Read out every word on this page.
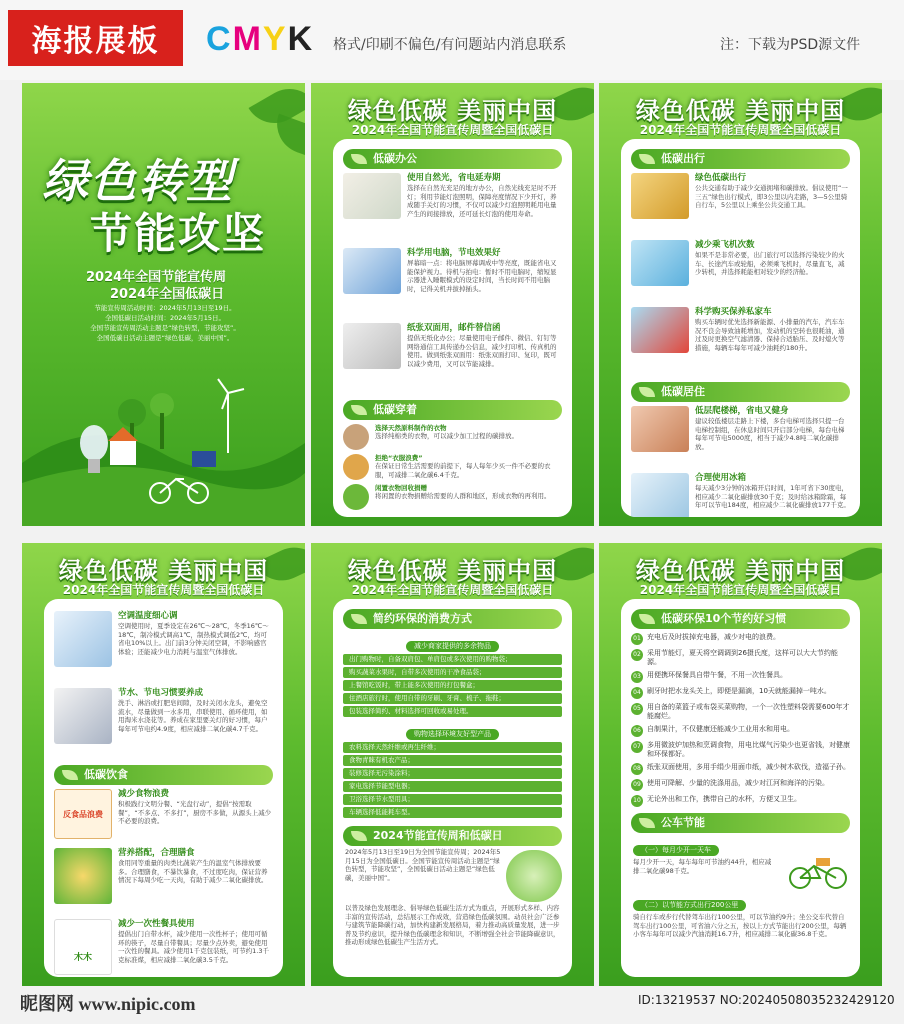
海报展板	CMYK 格式/印刷不偏色/有问题站内消息联系	注：下载为PSD源文件
绿色转型
节能攻坚
2024年全国节能宣传周
2024年全国低碳日
节能宣传周活动时间：2024年5月13日至19日。
全国低碳日活动时间：2024年5月15日。
全国节能宣传周活动主题是“绿色转型，节能攻坚”。
全国低碳日活动主题是“绿色低碳，美丽中国”。
绿色低碳 美丽中国
2024年全国节能宣传周暨全国低碳日
低碳办公
使用自然光，省电延寿期
选择在自然光充足的地方办公，自然光线充足时不开灯；利用节能灯泡照明，保障亮度情况下少开灯，养成随手关灯的习惯，不仅可以减少灯泡照明耗用电量产生的间接排放，还可延长灯泡的使用寿命。
科学用电脑，节电效果好
屏幕暗一点：将电脑屏幕调成中等亮度，既能省电又能保护视力。待机与拍电：暂时不用电脑时，缩短显示器进入睡眠模式的设定时间，当长时间不用电脑时，记得关机并拔掉插头。
纸张双面用，邮件替信函
提倡无纸化办公；尽量使用电子邮件、微信、钉钉等网络通信工具传递办公信息，减少打印机、传真机的使用。做到纸张双面用：纸张双面打印、复印，既可以减少费用，又可以节能减排。
低碳穿着
选择天然原料制作的衣物
选择纯棉类的衣物，可以减少加工过程的碳排放。
拒绝“衣服浪费”
在保证日常生活需要的前提下，每人每年少买一件不必要的衣服，可减排二氧化碳6.4千克。
闲置衣物回收捐赠
将闲置的衣物捐赠给需要的人群和地区，形成衣物的再利用。
绿色低碳 美丽中国
2024年全国节能宣传周暨全国低碳日
低碳出行
绿色低碳出行
公共交通有助于减少交通拥堵和碳排放。倡议使用“一三五”绿色出行模式，即3公里以内走路，3—5公里骑自行车，5公里以上乘坐公共交通工具。
减少乘飞机次数
如果不是非常必要，出门旅行可以选择污染较少的火车、长途汽车或轮船，必须乘飞机时，尽量直飞，减少转机，并选择耗能相对较少的经济舱。
科学购买保养私家车
购买车辆时优先选择新能源、小排量的汽车，汽车车况不良会导致油耗增加，发动机的空转也很耗油，通过及时更换空气滤清器、保持合适胎压、及时熄火等措施，每辆车每年可减少油耗约180升。
低碳居住
低层爬楼梯，省电又健身
建议较低楼层走路上下楼，多台电梯可选择只提一台电梯控制组，在休息时间只开启部分电梯，每台电梯每年可节电5000度，相当于减少4.8吨二氧化碳排放。
合理使用冰箱
每天减少3分钟的冰箱开启时间，1年可省下30度电，相应减少二氧化碳排放30千克；及时给冰箱除霜，每年可以节电184度，相应减少二氧化碳排放177千克。
绿色低碳 美丽中国
2024年全国节能宣传周暨全国低碳日
空调温度细心调
空调使用时，夏季设定在26℃～28℃，冬季16℃～18℃，制冷模式调高1℃，制热模式调低2℃，均可省电10%以上。出门前3分钟关闭空调，不影响感官体验；还能减少电力消耗与温室气体排放。
节水、节电习惯要养成
洗手、淋浴或打肥皂间隙，及时关闭水龙头，避免空流水，尽量做到一水多用，串联使用、循环使用，如用淘米水浇花等。养成在家里要关灯的好习惯，每户每年可节电约4.9度，相应减排二氧化碳4.7千克。
低碳饮食
反食品浪费
减少食物浪费
积极践行文明分餐、“光盘行动”，提倡“按需取餐”，“不多点、不多打”，厨房不多做，从源头上减少不必要的浪费。
营养搭配，合理膳食
食用同等重量的肉类比蔬菜产生的温室气体排放要多。合理膳食，不暴饮暴食，不过度吃肉，保证营养情况下每周少吃一天肉，有助于减少二氧化碳排放。
木木
减少一次性餐具使用
提倡出门自带水杯，减少使用一次性杯子；使用可循环的筷子，尽量自带餐具；尽量少点外卖，避免使用一次性的餐具。减少使用1千克包装纸，可节约1.3千克标准煤，相应减排二氧化碳3.5千克。
绿色低碳 美丽中国
2024年全国节能宣传周暨全国低碳日
简约环保的消费方式
减少商家提供的多余物品
出门购物时，自备双肩包、单肩包或多次使用的购物袋；
购买蔬菜水果时，自带多次使用的干净食品袋；
上餐馆吃饭时，带上能多次使用的打包餐盒；
住酒店旅行时，使用自带的牙刷、牙膏、梳子、拖鞋；
包装选择简约、材料选择可回收或易处理。
购物选择环境友好型产品
农料选择天然纤维或再生纤维；
食物青睐有机农产品；
装修选择无污染涂料；
家电选择节能型电器；
卫浴选择节水型用具；
车辆选择低能耗车型。
2024节能宣传周和低碳日
2024年5月13日至19日为全国节能宣传周；2024年5月15日为全国低碳日。全国节能宣传周活动主题是“绿色转型，节能攻坚”，全国低碳日活动主题是“绿色低碳，美丽中国”。
以普及绿色发展理念、倡导绿色低碳生活方式为重点，开展形式多样、内容丰富的宣传活动，总结展示工作成效，营造绿色低碳氛围。动员社会广泛参与建筑节能降碳行动，加快构建新发展格局，着力推动高质量发展，进一步普及节约意识，提升绿色低碳理念和知识，不断增强全社会节能降碳意识，推动形成绿色低碳生产生活方式。
绿色低碳 美丽中国
2024年全国节能宣传周暨全国低碳日
低碳环保10个节约好习惯
01 充电后及时拔掉充电器，减少对电的浪费。
02 采用节能灯，夏天将空调调到26摄氏度，这样可以大大节约能源。
03 用便携环保餐具自带午餐，不用一次性餐具。
04 刷牙时把水龙头关上，即便是漏滴，10天就能漏掉一吨水。
05 用自备的菜篮子或布袋买菜购物，一个一次性塑料袋需要600年才能腐烂。
06 自制果汁，不仅健康还能减少工业用水和用电。
07 多用微波炉加热和烹调食物，用电比煤气污染少也更省钱，对健康和环保都好。
08 纸张双面使用，多用手绢少用面巾纸，减少树木砍伐，造福子孙。
09 使用可降解、少量的洗涤用品，减少对江河和海洋的污染。
10 无论外出和工作，携带自己的水杯，方便又卫生。
公车节能
（一）每月少开一天车
每月少开一天，每车每年可节油约44升，相应减排二氧化碳98千克。
（二）以节能方式出行200公里
骑自行车或步行代替驾车出行100公里，可以节油约9升；坐公交车代替自驾车出行100公里，可省油六分之五，按以上方式节能出行200公里，每辆小客车每年可以减少汽油消耗16.7升，相应减排二氧化碳36.8千克。
昵图网 www.nipic.com	ID:13219537 NO:20240508035232429120
